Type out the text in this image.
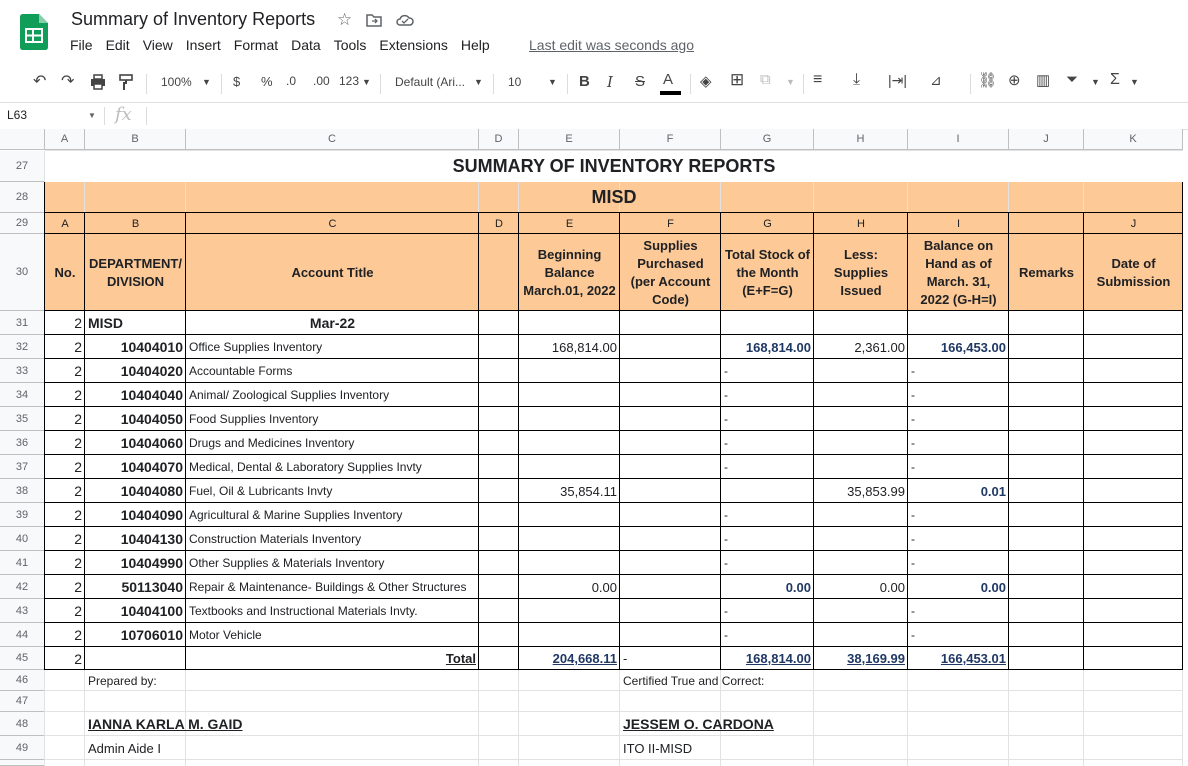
Summary of Inventory Reports ☆
File Edit View Insert Format Data Tools Extensions Help	Last edit was seconds ago
↶ ↷	100% ▼ $ % .0 .00 123 ▼ Default (Ari... ▼ 10	▼ B I S A ◈ ⊞ ⧉ ▼ ≡ ⤓ |⇥| ⊿ ⛓ ⊕ ▥ ⏷ ▼ Σ ▼
L63	▼ fx
A	B	C	D	E	F	G	H	I	J	K
27
28
29
30
31
32
33
34
35
36
37
38
39
40
41
42
43
44
45
46
47
48
49
SUMMARY OF INVENTORY REPORTS
MISD
A	B	C	D	E	F	G	H	I	J
No.
DEPARTMENT/ DIVISION
Account Title
Beginning Balance March.01, 2022
Supplies Purchased (per Account Code)
Total Stock of the Month (E+F=G)
Less: Supplies Issued
Balance on Hand as of March. 31, 2022 (G-H=I)
Remarks
Date of Submission
2 MISD	Mar-22
2	10404010 Office Supplies Inventory	168,814.00	168,814.00	2,361.00	166,453.00
2	10404020 Accountable Forms	-	-
2	10404040 Animal/ Zoological Supplies Inventory	-	-
2	10404050 Food Supplies Inventory	-	-
2	10404060 Drugs and Medicines Inventory	-	-
2	10404070 Medical, Dental & Laboratory Supplies Invty	-	-
2	10404080 Fuel, Oil & Lubricants Invty	35,854.11	35,853.99	0.01
2	10404090 Agricultural & Marine Supplies Inventory	-	-
2	10404130 Construction Materials Inventory	-	-
2	10404990 Other Supplies & Materials Inventory	-	-
2	50113040 Repair & Maintenance- Buildings & Other Structures	0.00	0.00	0.00	0.00
2	10404100 Textbooks and Instructional Materials Invty.	-	-
2	10706010 Motor Vehicle	-	-
2	Total	204,668.11 -	168,814.00	38,169.99	166,453.01
Prepared by:	Certified True and Correct:
IANNA KARLA M. GAID
Admin Aide I
JESSEM O. CARDONA
ITO II-MISD
